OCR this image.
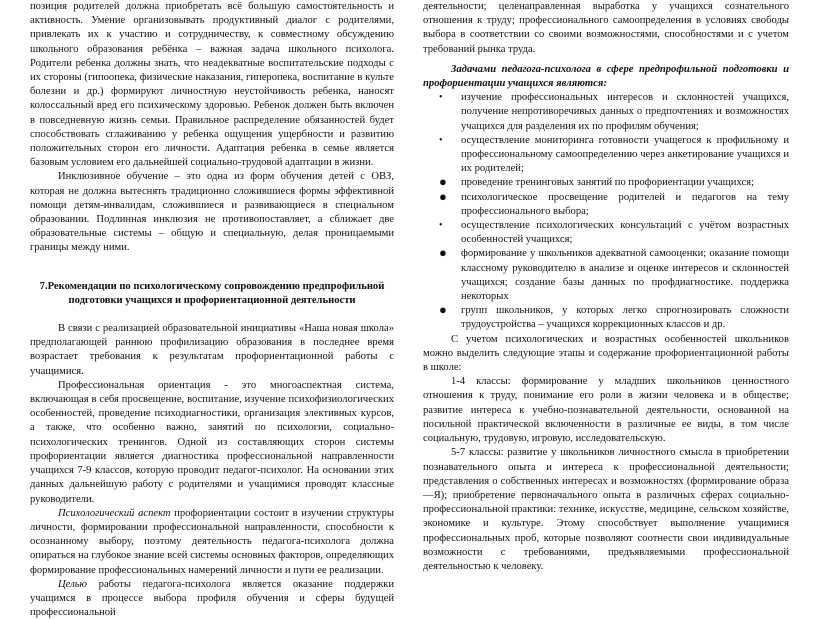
позиция родителей должна приобретать всё большую самостоятельность и активность. Умение организовывать продуктивный диалог с родителями, привлекать их к участию и сотрудничеству, к совместному обсуждению школьного образования ребёнка – важная задача школьного психолога. Родители ребенка должны знать, что неадекватные воспитательские подходы с их стороны (гипоопека, физические наказания, гиперопека, воспитание в культе болезни и др.) формируют личностную неустойчивость ребенка, наносят колоссальный вред его психическому здоровью. Ребенок должен быть включен в повседневную жизнь семьи. Правильное распределение обязанностей будет способствовать сглаживанию у ребенка ощущения ущербности и развитию положительных сторон его личности. Адаптация ребенка в семье является базовым условием его дальнейшей социально-трудовой адаптации в жизни.

Инклюзивное обучение – это одна из форм обучения детей с ОВЗ, которая не должна вытеснять традиционно сложившиеся формы эффективной помощи детям-инвалидам, сложившиеся и развивающиеся в специальном образовании. Подлинная инклюзия не противопоставляет, а сближает две образовательные системы – общую и специальную, делая проницаемыми границы между ними.

7.Рекомендации по психологическому сопровождению предпрофильной
подготовки учащихся и профориентационной деятельности

В связи с реализацией образовательной инициативы «Наша новая школа» предполагающей раннюю профилизацию образования в последнее время возрастает требования к результатам профориентационной работы с учащимися.

Профессиональная ориентация - это многоаспектная система, включающая в себя просвещение, воспитание, изучение психофизиологических особенностей, проведение психодиагностики, организация элективных курсов, а также, что особенно важно, занятий по психологии, социально-психологических тренингов. Одной из составляющих сторон системы профориентации является диагностика профессиональной направленности учащихся 7-9 классов, которую проводит педагог-психолог. На основании этих данных дальнейшую работу с родителями и учащимися проводят классные руководители.

Психологический аспект профориентации состоит в изучении структуры личности, формировании профессиональной направленности, способности к осознанному выбору, поэтому деятельность педагога-психолога должна опираться на глубокое знание всей системы основных факторов, определяющих формирование профессиональных намерений личности и пути ее реализации.

Целью работы педагога-психолога является оказание поддержки учащимся в процессе выбора профиля обучения и сферы будущей профессиональной

деятельности; целенаправленная выработка у учащихся сознательного отношения к труду; профессионального самоопределения в условиях свободы выбора в соответствии со своими возможностями, способностями и с учетом требований рынка труда.

Задачами педагога-психолога в сфере предпрофильной подготовки и профориентации учащихся являются:

• изучение профессиональных интересов и склонностей учащихся, получение непротиворечивых данных о предпочтениях и возможностях учащихся для разделения их по профилям обучения;
• осуществление мониторинга готовности учащегося к профильному и профессиональному самоопределению через анкетирование учащихся и их родителей;
● проведение тренинговых занятий по профориентации учащихся;
● психологическое просвещение родителей и педагогов на тему профессионального выбора;
• осуществление психологических консультаций с учётом возрастных особенностей учащихся;
● формирование у школьников адекватной самооценки; оказание помощи классному руководителю в анализе и оценке интересов и склонностей учащихся; создание базы данных по профдиагностике. поддержка некоторых
● групп школьников, у которых легко спрогнозировать сложности трудоустройства – учащихся коррекционных классов и др.

С учетом психологических и возрастных особенностей школьников можно выделить следующие этапы и содержание профориентационной работы в школе:

1-4 классы: формирование у младших школьников ценностного отношения к труду, понимание его роли в жизни человека и в обществе; развитие интереса к учебно-познавательной деятельности, основанной на посильной практической включенности в различные ее виды, в том числе социальную, трудовую, игровую, исследовательскую.

5-7 классы: развитие у школьников личностного смысла в приобретении познавательного опыта и интереса к профессиональной деятельности; представления о собственных интересах и возможностях (формирование образа —Я); приобретение первоначального опыта в различных сферах социально-профессиональной практики: технике, искусстве, медицине, сельском хозяйстве, экономике и культуре. Этому способствует выполнение учащимися профессиональных проб, которые позволяют соотнести свои индивидуальные возможности с требованиями, предъявляемыми профессиональной деятельностью к человеку.
